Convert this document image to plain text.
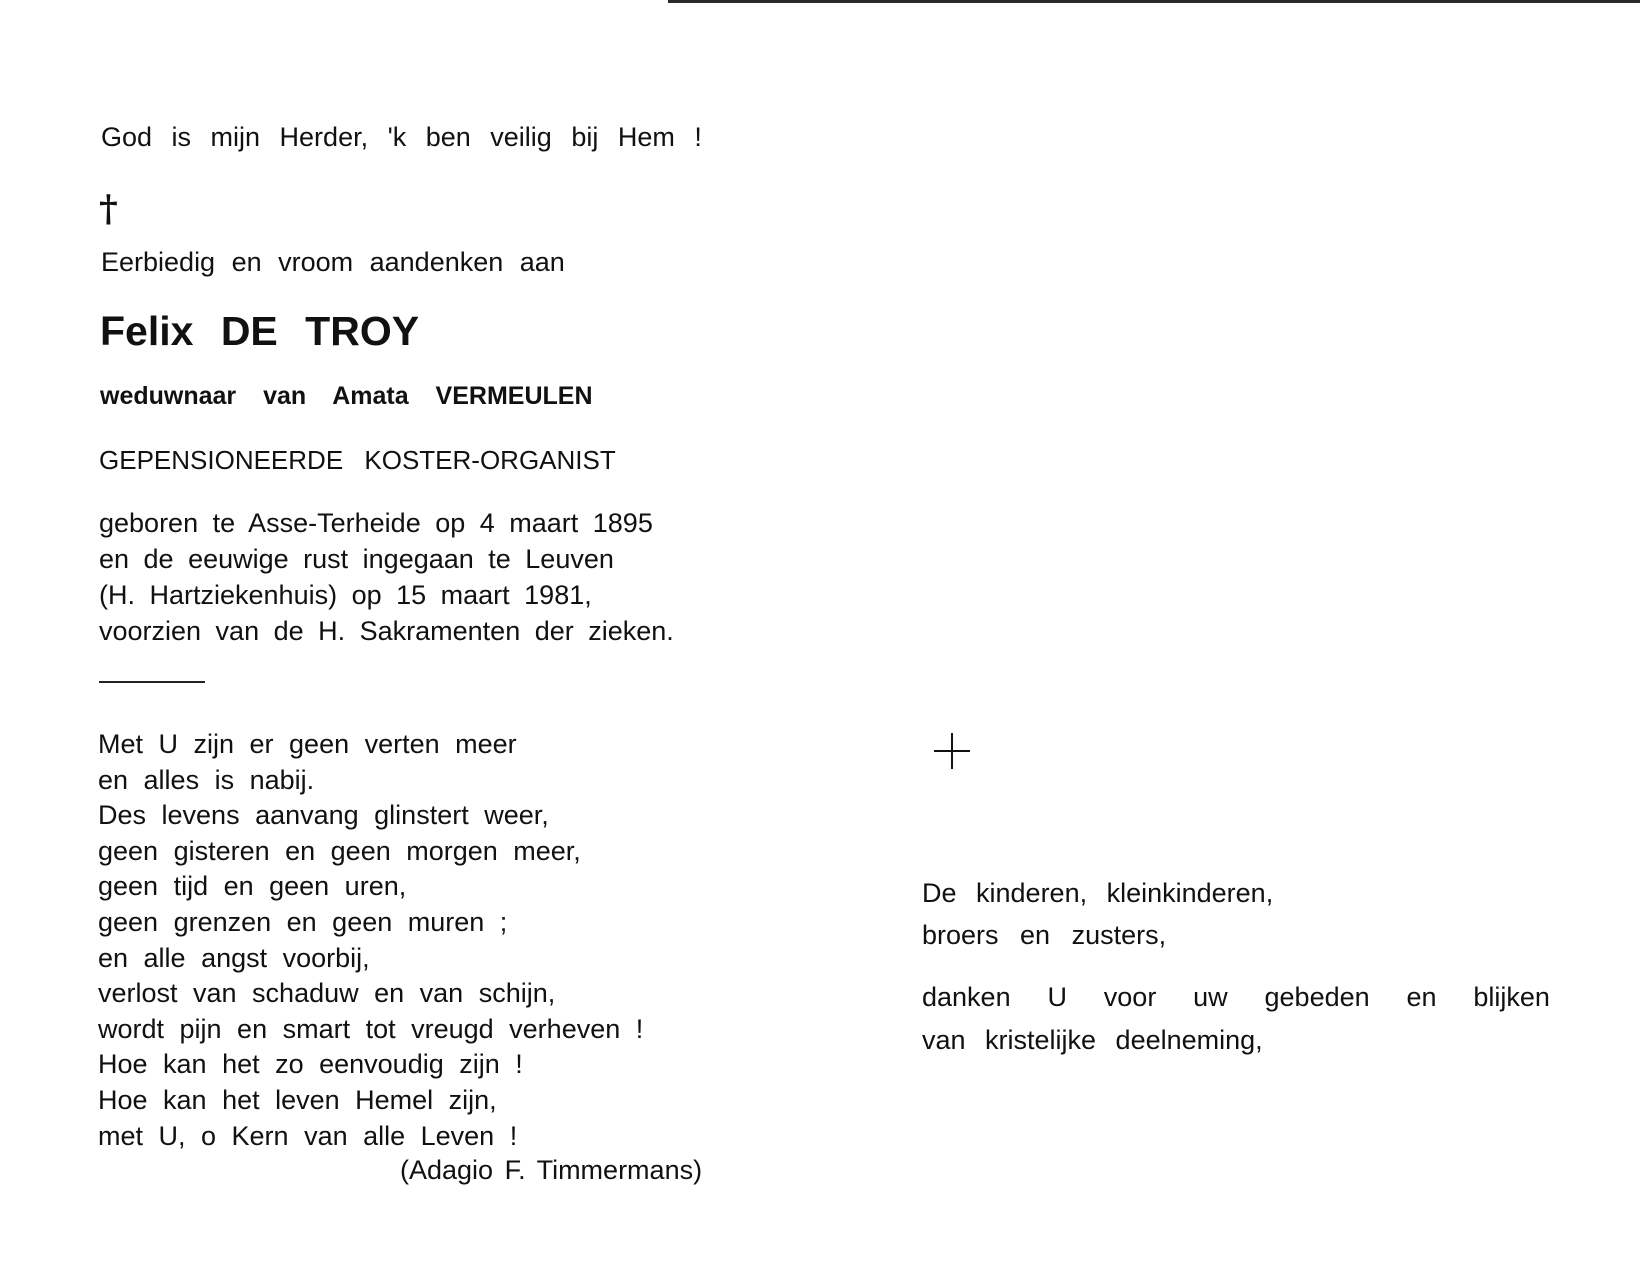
God is mijn Herder, 'k ben veilig bij Hem !
†
Eerbiedig en vroom aandenken aan
Felix DE TROY
weduwnaar van Amata VERMEULEN
GEPENSIONEERDE KOSTER-ORGANIST
geboren te Asse-Terheide op 4 maart 1895
en de eeuwige rust ingegaan te Leuven
(H. Hartziekenhuis) op 15 maart 1981,
voorzien van de H. Sakramenten der zieken.
Met U zijn er geen verten meer
en alles is nabij.
Des levens aanvang glinstert weer,
geen gisteren en geen morgen meer,
geen tijd en geen uren,
geen grenzen en geen muren ;
en alle angst voorbij,
verlost van schaduw en van schijn,
wordt pijn en smart tot vreugd verheven !
Hoe kan het zo eenvoudig zijn !
Hoe kan het leven Hemel zijn,
met U, o Kern van alle Leven !
(Adagio F. Timmermans)
De kinderen, kleinkinderen,
broers en zusters,
danken U voor uw gebeden en blijken
van kristelijke deelneming,
